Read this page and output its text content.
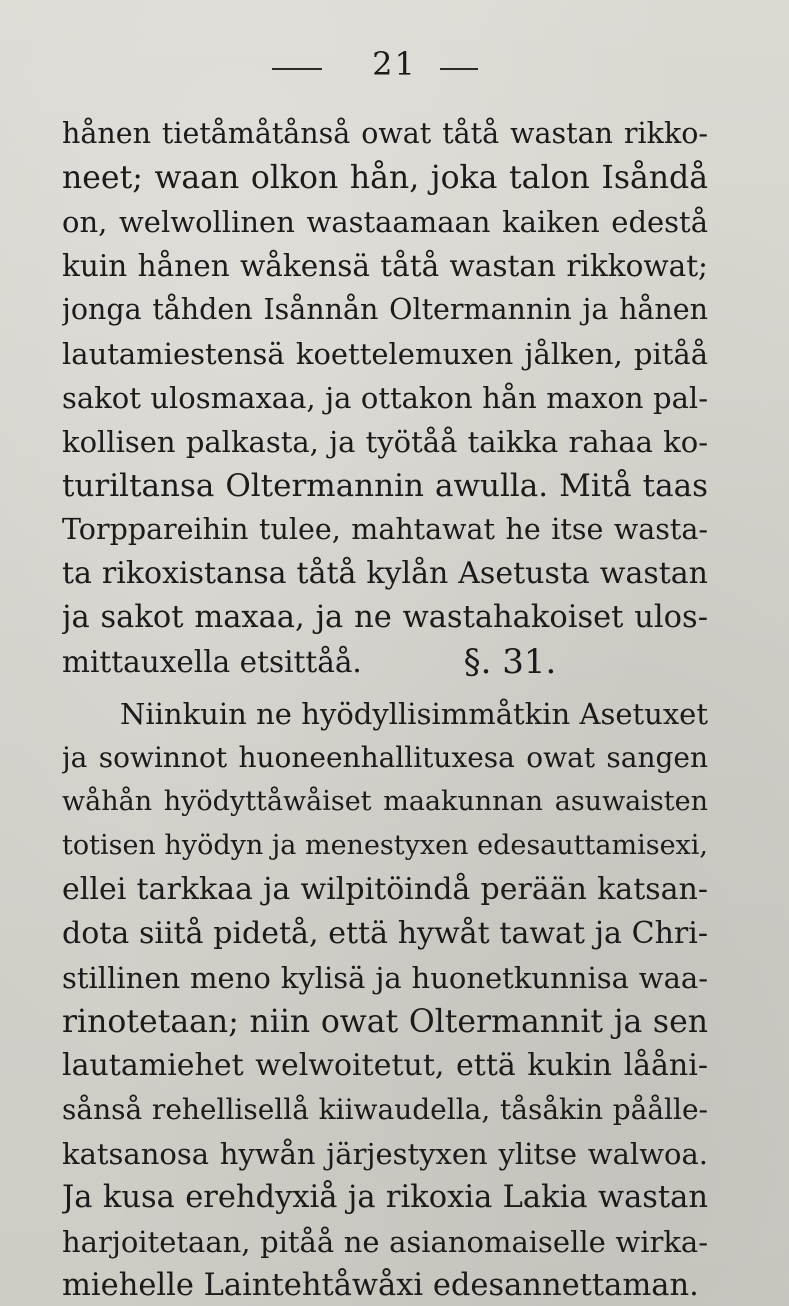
21
hånen tietåmåtånså owat tåtå wastan rikko-
neet; waan olkon hån, joka talon Isåndå
on, welwollinen wastaamaan kaiken edestå
kuin hånen wåkensä tåtå wastan rikkowat;
jonga tåhden Isånnån Oltermannin ja hånen
lautamiestensä koettelemuxen jålken, pitåå
sakot ulosmaxaa, ja ottakon hån maxon pal-
kollisen palkasta, ja työtåå taikka rahaa ko-
turiltansa Oltermannin awulla. Mitå taas
Torppareihin tulee, mahtawat he itse wasta-
ta rikoxistansa tåtå kylån Asetusta wastan
ja sakot maxaa, ja ne wastahakoiset ulos-
mittauxella etsittåå.	§. 31.
Niinkuin ne hyödyllisimmåtkin Asetuxet
ja sowinnot huoneenhallituxesa owat sangen
wåhån hyödyttåwåiset maakunnan asuwaisten
totisen hyödyn ja menestyxen edesauttamisexi,
ellei tarkkaa ja wilpitöindå perään katsan-
dota siitå pidetå, että hywåt tawat ja Chri-
stillinen meno kylisä ja huonetkunnisa waa-
rinotetaan; niin owat Oltermannit ja sen
lautamiehet welwoitetut, että kukin lååni-
sånså rehellisellå kiiwaudella, tåsåkin påålle-
katsanosa hywån järjestyxen ylitse walwoa.
Ja kusa erehdyxiå ja rikoxia Lakia wastan
harjoitetaan, pitåå ne asianomaiselle wirka-
miehelle Laintehtåwåxi edesannettaman.
